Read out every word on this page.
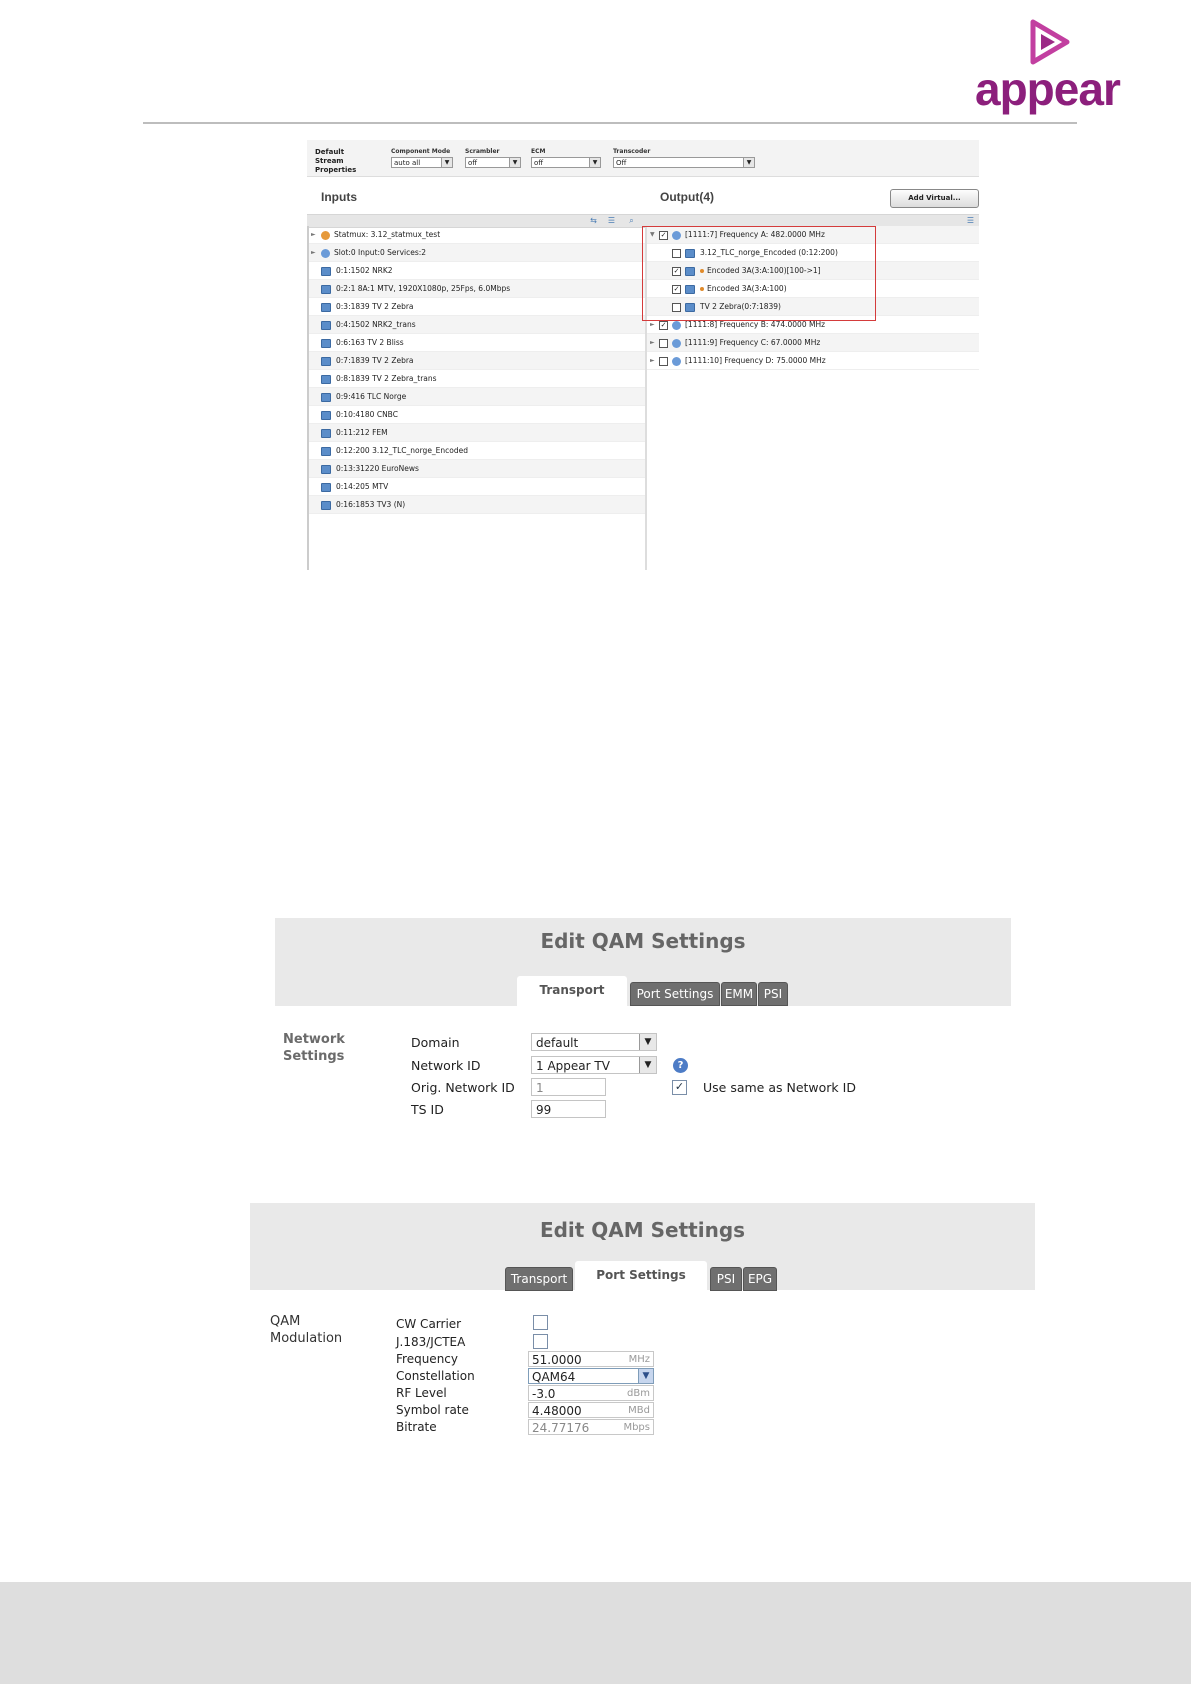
appear
Default Stream Properties
Component Mode
auto all	▼
Scrambler
off	▼
ECM
off	▼
Transcoder
Off	▼
Inputs	Output(4)	Add Virtual...
⇆ ☰ ⌕	☰
►	Statmux: 3.12_statmux_test
►	Slot:0 Input:0 Services:2
0:1:1502 NRK2
0:2:1 8A:1 MTV, 1920X1080p, 25Fps, 6.0Mbps
0:3:1839 TV 2 Zebra
0:4:1502 NRK2_trans
0:6:163 TV 2 Bliss
0:7:1839 TV 2 Zebra
0:8:1839 TV 2 Zebra_trans
0:9:416 TLC Norge
0:10:4180 CNBC
0:11:212 FEM
0:12:200 3.12_TLC_norge_Encoded
0:13:31220 EuroNews
0:14:205 MTV
0:16:1853 TV3 (N)
▼ ✓ [1111:7] Frequency A: 482.0000 MHz
3.12_TLC_norge_Encoded (0:12:200)
✓	Encoded 3A(3:A:100)[100->1]
✓	Encoded 3A(3:A:100)
TV 2 Zebra(0:7:1839)
► ✓ [1111:8] Frequency B: 474.0000 MHz
►	[1111:9] Frequency C: 67.0000 MHz
►	[1111:10] Frequency D: 75.0000 MHz
Edit QAM Settings
Transport	Port Settings EMM PSI
Network Settings
Domain	default	▼
Network ID	1 Appear TV	▼	?
Orig. Network ID	1	✓ Use same as Network ID
TS ID	99
Edit QAM Settings
Transport	Port Settings	PSI	EPG
QAM Modulation
CW Carrier
J.183/JCTEA
Frequency	51.0000	MHz
Constellation	QAM64	▼
RF Level	-3.0	dBm
Symbol rate	4.48000	MBd
Bitrate	24.77176	Mbps
